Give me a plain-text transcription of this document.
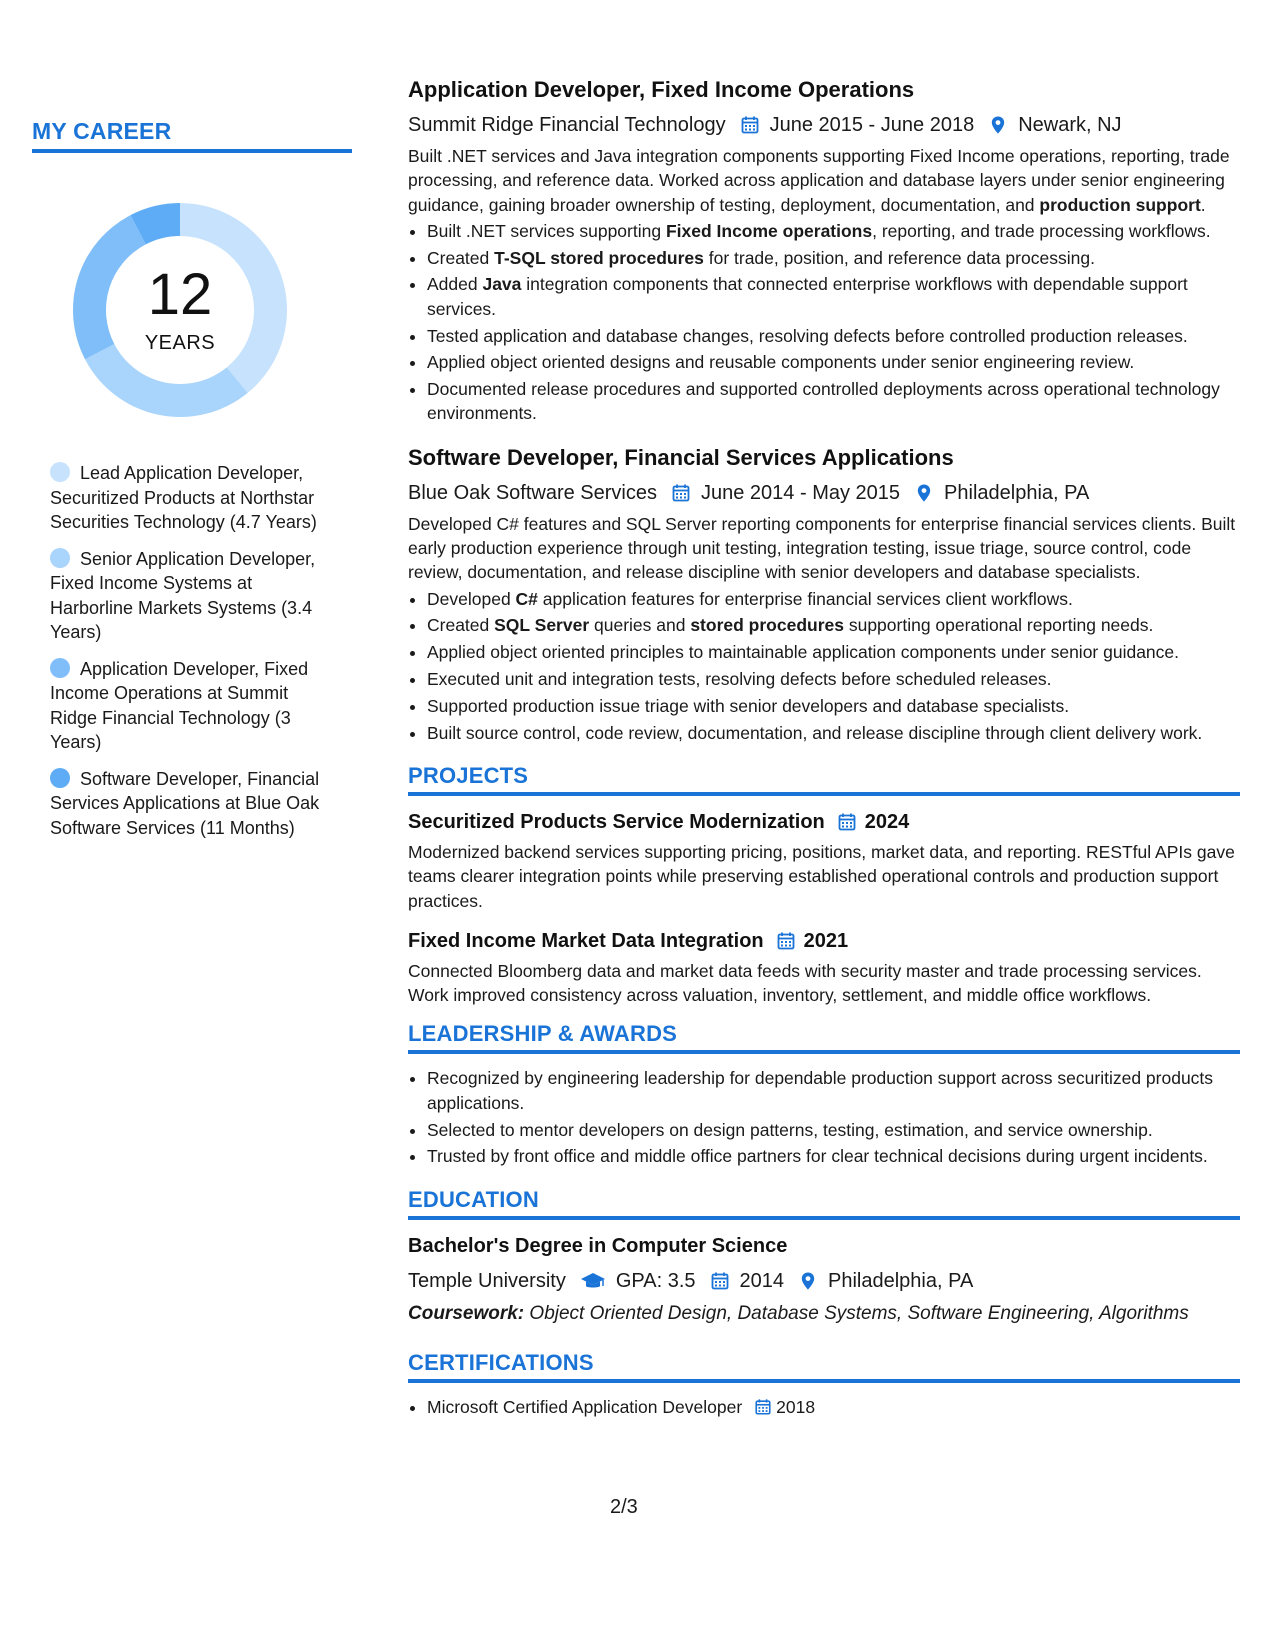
MY CAREER
12
YEARS
Lead Application Developer, Securitized Products at Northstar Securities Technology (4.7 Years)
Senior Application Developer, Fixed Income Systems at Harborline Markets Systems (3.4 Years)
Application Developer, Fixed Income Operations at Summit Ridge Financial Technology (3 Years)
Software Developer, Financial Services Applications at Blue Oak Software Services (11 Months)
Application Developer, Fixed Income Operations
Summit Ridge Financial Technology June 2015 - June 2018 Newark, NJ
Built .NET services and Java integration components supporting Fixed Income operations, reporting, trade processing, and reference data. Worked across application and database layers under senior engineering guidance, gaining broader ownership of testing, deployment, documentation, and production support.
• Built .NET services supporting Fixed Income operations, reporting, and trade processing workflows.
• Created T-SQL stored procedures for trade, position, and reference data processing.
• Added Java integration components that connected enterprise workflows with dependable support services.
• Tested application and database changes, resolving defects before controlled production releases.
• Applied object oriented designs and reusable components under senior engineering review.
• Documented release procedures and supported controlled deployments across operational technology environments.
Software Developer, Financial Services Applications
Blue Oak Software Services June 2014 - May 2015 Philadelphia, PA
Developed C# features and SQL Server reporting components for enterprise financial services clients. Built early production experience through unit testing, integration testing, issue triage, source control, code review, documentation, and release discipline with senior developers and database specialists.
• Developed C# application features for enterprise financial services client workflows.
• Created SQL Server queries and stored procedures supporting operational reporting needs.
• Applied object oriented principles to maintainable application components under senior guidance.
• Executed unit and integration tests, resolving defects before scheduled releases.
• Supported production issue triage with senior developers and database specialists.
• Built source control, code review, documentation, and release discipline through client delivery work.
PROJECTS
Securitized Products Service Modernization 2024
Modernized backend services supporting pricing, positions, market data, and reporting. RESTful APIs gave teams clearer integration points while preserving established operational controls and production support practices.
Fixed Income Market Data Integration 2021
Connected Bloomberg data and market data feeds with security master and trade processing services. Work improved consistency across valuation, inventory, settlement, and middle office workflows.
LEADERSHIP & AWARDS
• Recognized by engineering leadership for dependable production support across securitized products applications.
• Selected to mentor developers on design patterns, testing, estimation, and service ownership.
• Trusted by front office and middle office partners for clear technical decisions during urgent incidents.
EDUCATION
Bachelor's Degree in Computer Science
Temple University	GPA: 3.5 2014 Philadelphia, PA
Coursework: Object Oriented Design, Database Systems, Software Engineering, Algorithms
CERTIFICATIONS
• Microsoft Certified Application Developer 2018
2/3
